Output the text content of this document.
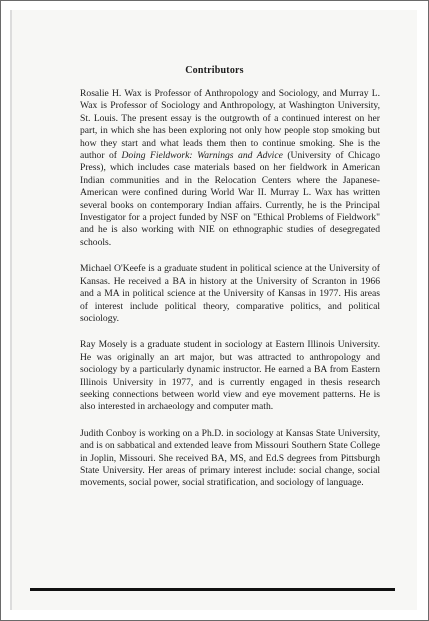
Contributors

Rosalie H. Wax is Professor of Anthropology and Sociology, and Murray L. Wax is Professor of Sociology and Anthropology, at Washington University, St. Louis. The present essay is the outgrowth of a continued interest on her part, in which she has been exploring not only how people stop smoking but how they start and what leads them then to continue smoking. She is the author of Doing Fieldwork: Warnings and Advice (University of Chicago Press), which includes case materials based on her fieldwork in American Indian communities and in the Relocation Centers where the Japanese-American were confined during World War II. Murray L. Wax has written several books on contemporary Indian affairs. Currently, he is the Principal Investigator for a project funded by NSF on "Ethical Problems of Fieldwork" and he is also working with NIE on ethnographic studies of desegregated schools.

Michael O'Keefe is a graduate student in political science at the University of Kansas. He received a BA in history at the University of Scranton in 1966 and a MA in political science at the University of Kansas in 1977. His areas of interest include political theory, comparative politics, and political sociology.

Ray Mosely is a graduate student in sociology at Eastern Illinois University. He was originally an art major, but was attracted to anthropology and sociology by a particularly dynamic instructor. He earned a BA from Eastern Illinois University in 1977, and is currently engaged in thesis research seeking connections between world view and eye movement patterns. He is also interested in archaeology and computer math.

Judith Conboy is working on a Ph.D. in sociology at Kansas State University, and is on sabbatical and extended leave from Missouri Southern State College in Joplin, Missouri. She received BA, MS, and Ed.S degrees from Pittsburgh State University. Her areas of primary interest include: social change, social movements, social power, social stratification, and sociology of language.
